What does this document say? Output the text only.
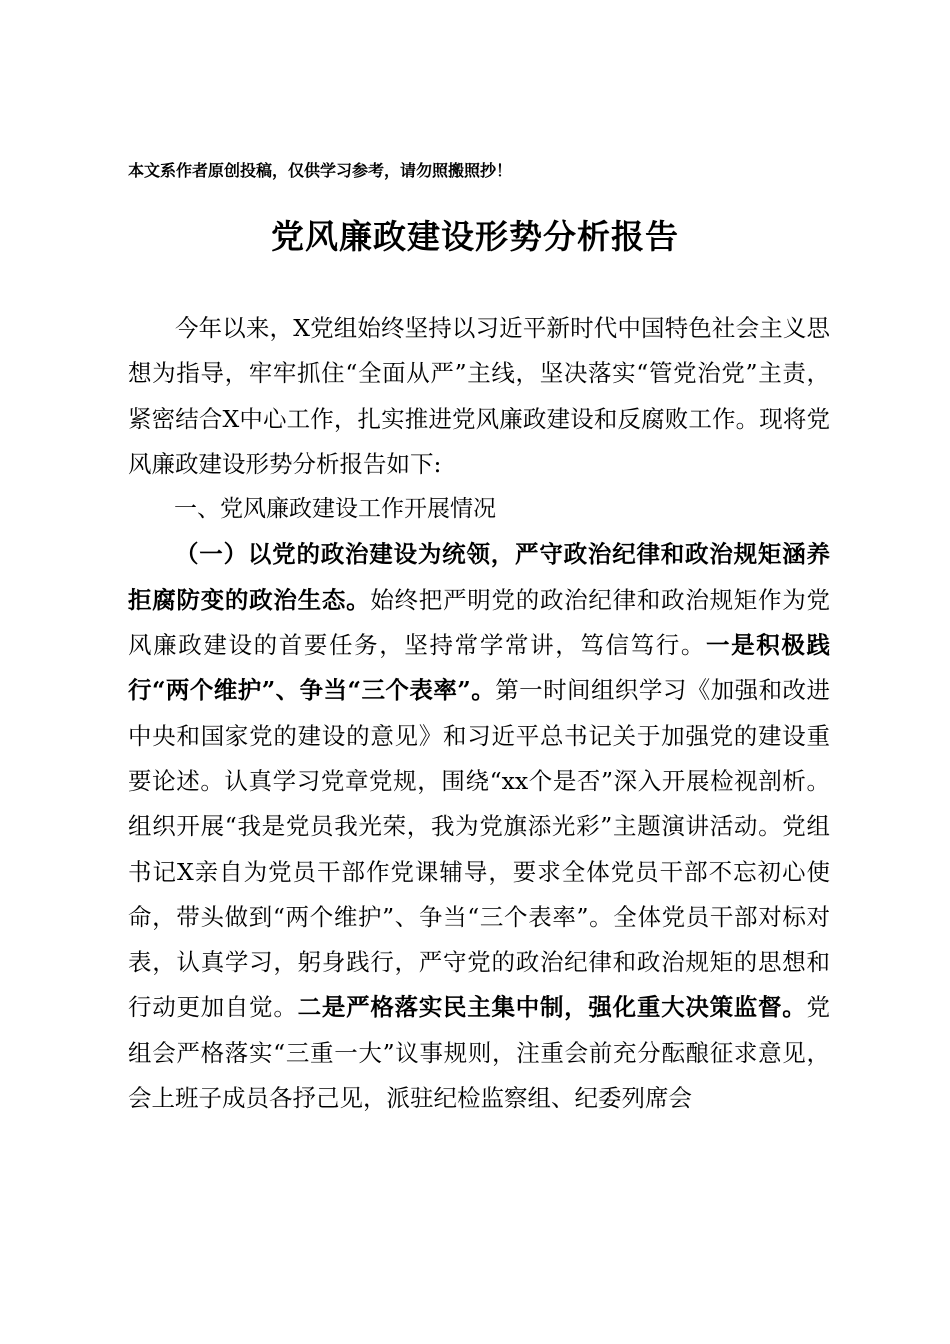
本文系作者原创投稿，仅供学习参考，请勿照搬照抄！
党风廉政建设形势分析报告

今年以来，X党组始终坚持以习近平新时代中国特色社会主义思想为指导，牢牢抓住“全面从严”主线，坚决落实“管党治党”主责，紧密结合X中心工作，扎实推进党风廉政建设和反腐败工作。现将党风廉政建设形势分析报告如下:

一、党风廉政建设工作开展情况

（一）以党的政治建设为统领，严守政治纪律和政治规矩涵养拒腐防变的政治生态。始终把严明党的政治纪律和政治规矩作为党风廉政建设的首要任务，坚持常学常讲，笃信笃行。一是积极践行“两个维护”、争当“三个表率”。第一时间组织学习《加强和改进中央和国家党的建设的意见》和习近平总书记关于加强党的建设重要论述。认真学习党章党规，围绕“xx个是否”深入开展检视剖析。组织开展“我是党员我光荣，我为党旗添光彩”主题演讲活动。党组书记X亲自为党员干部作党课辅导，要求全体党员干部不忘初心使命，带头做到“两个维护”、争当“三个表率”。全体党员干部对标对表，认真学习，躬身践行，严守党的政治纪律和政治规矩的思想和行动更加自觉。二是严格落实民主集中制，强化重大决策监督。党组会严格落实“三重一大”议事规则，注重会前充分酝酿征求意见，会上班子成员各抒己见，派驻纪检监察组、纪委列席会
